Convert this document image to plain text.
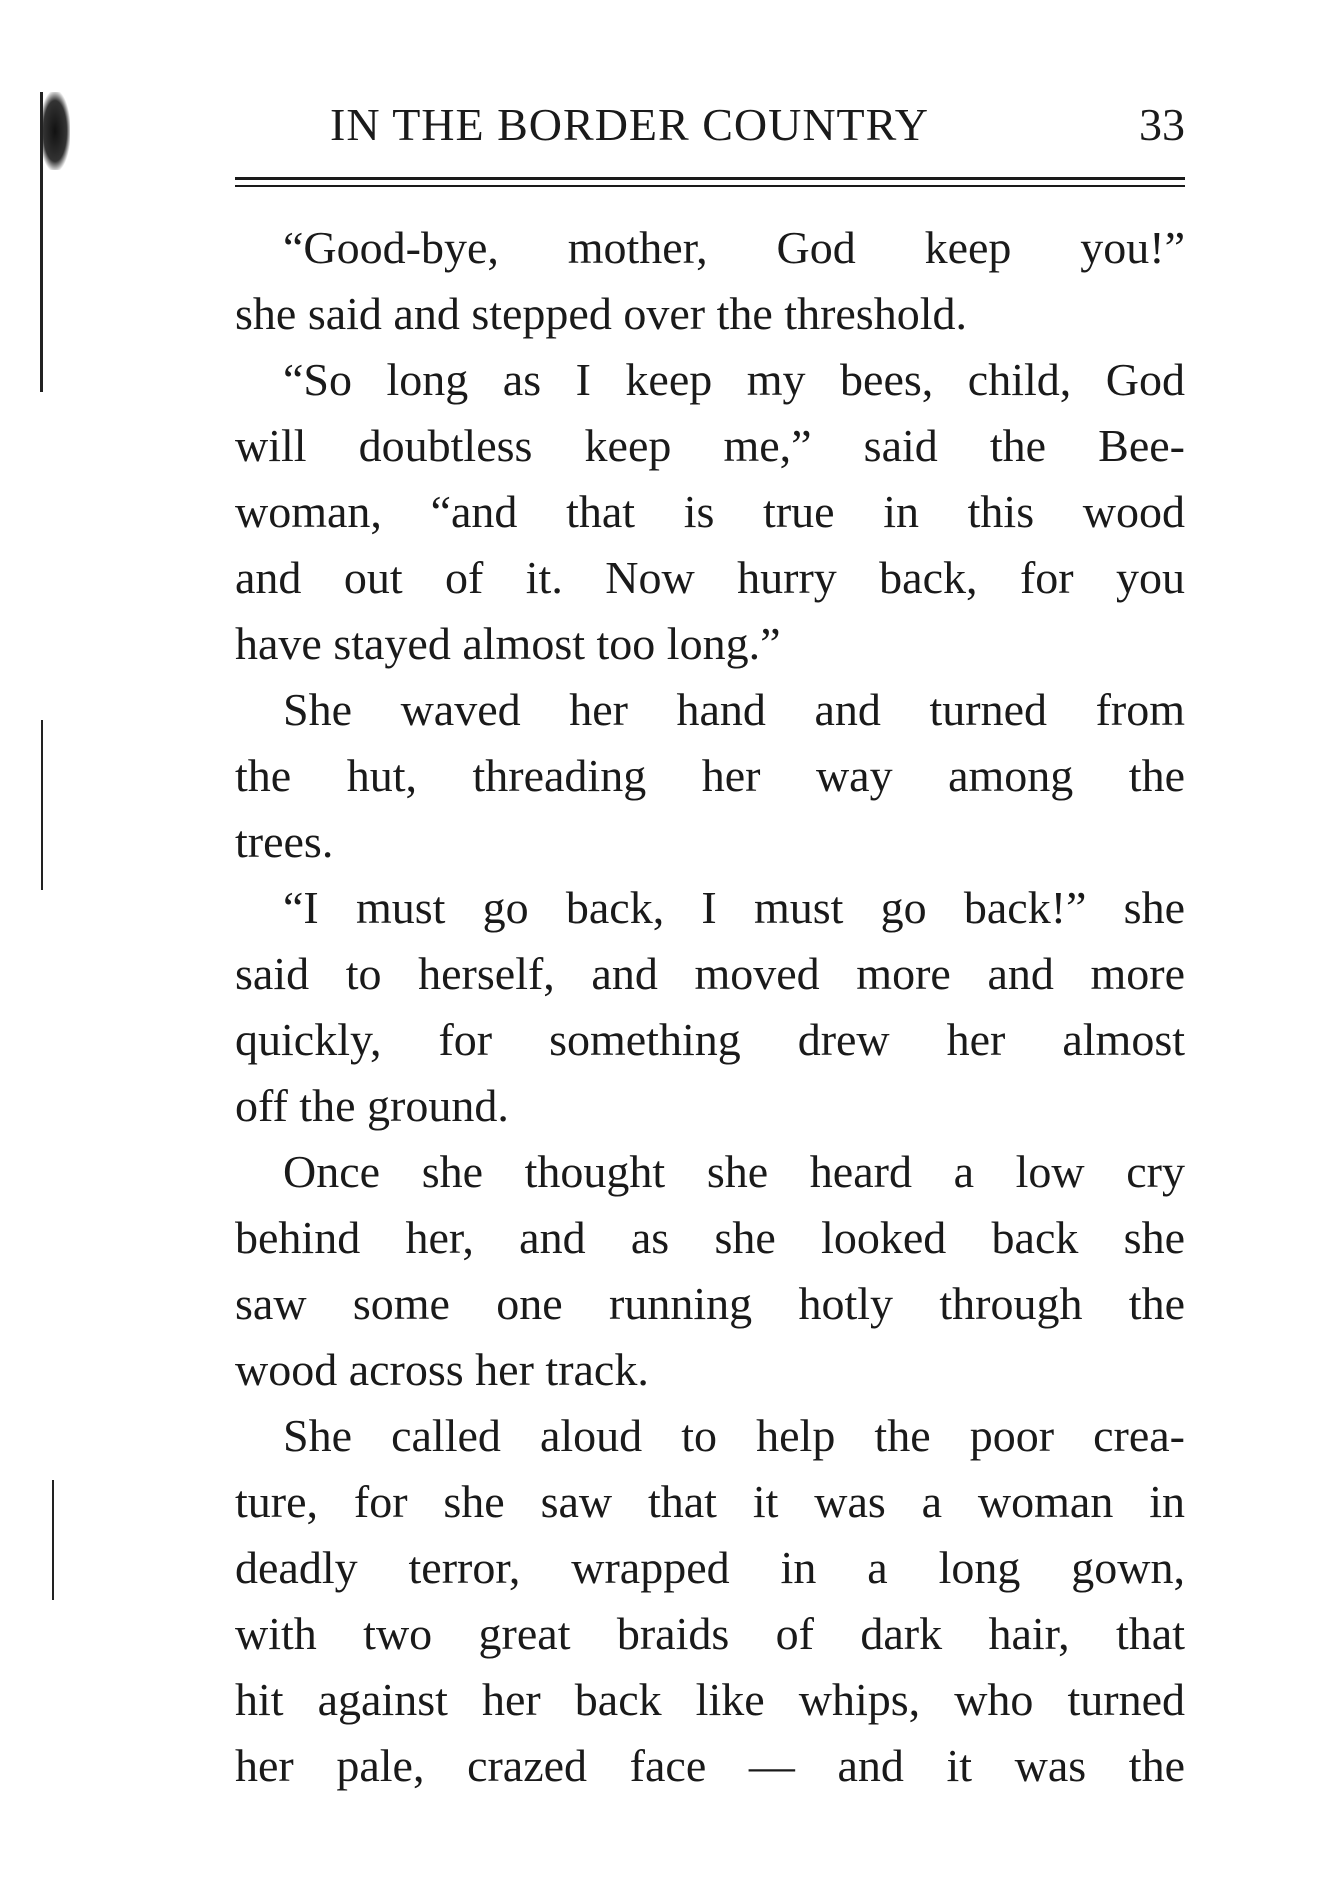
IN THE BORDER COUNTRY	33
“Good-bye, mother, God keep you!”
she said and stepped over the threshold.
“So long as I keep my bees, child, God
will doubtless keep me,” said the Bee-
woman, “and that is true in this wood
and out of it. Now hurry back, for you
have stayed almost too long.”
She waved her hand and turned from
the hut, threading her way among the
trees.
“I must go back, I must go back!” she
said to herself, and moved more and more
quickly, for something drew her almost
off the ground.
Once she thought she heard a low cry
behind her, and as she looked back she
saw some one running hotly through the
wood across her track.
She called aloud to help the poor crea-
ture, for she saw that it was a woman in
deadly terror, wrapped in a long gown,
with two great braids of dark hair, that
hit against her back like whips, who turned
her pale, crazed face — and it was the
